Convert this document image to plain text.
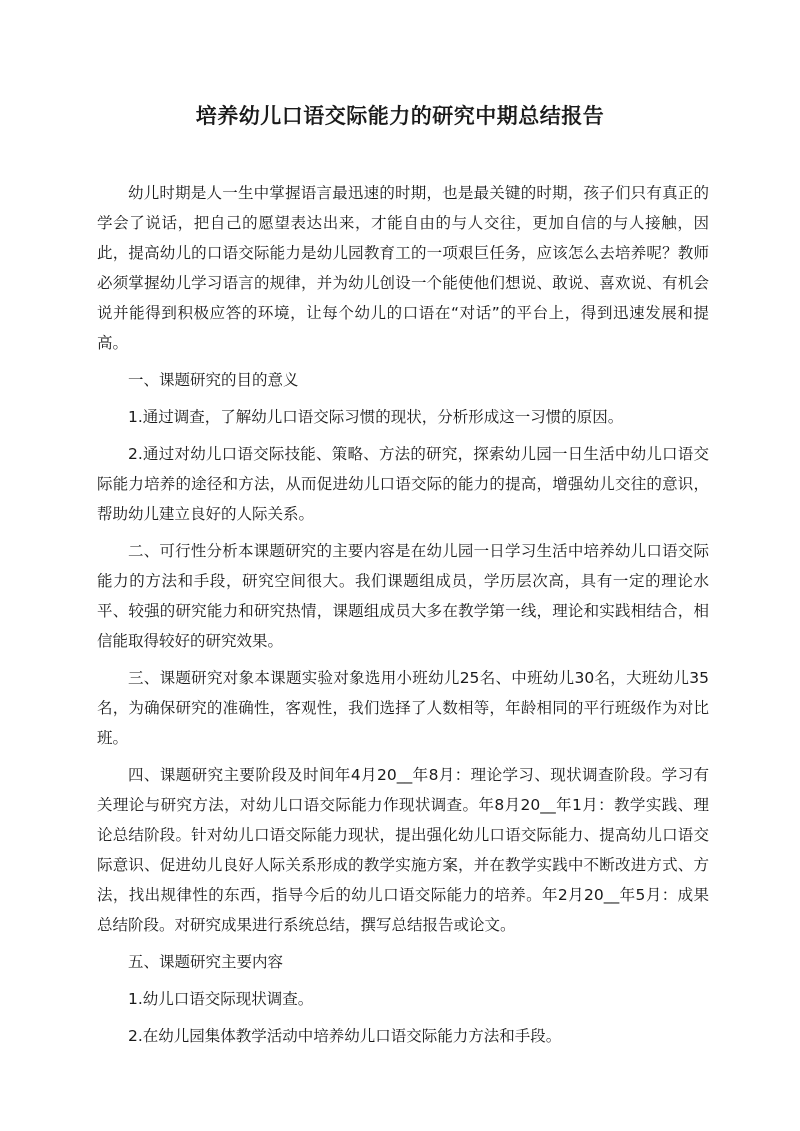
培养幼儿口语交际能力的研究中期总结报告

幼儿时期是人一生中掌握语言最迅速的时期，也是最关键的时期，孩子们只有真正的学会了说话，把自己的愿望表达出来，才能自由的与人交往，更加自信的与人接触，因此，提高幼儿的口语交际能力是幼儿园教育工的一项艰巨任务，应该怎么去培养呢？教师必须掌握幼儿学习语言的规律，并为幼儿创设一个能使他们想说、敢说、喜欢说、有机会说并能得到积极应答的环境，让每个幼儿的口语在“对话”的平台上，得到迅速发展和提高。

一、课题研究的目的意义

1.通过调查，了解幼儿口语交际习惯的现状，分析形成这一习惯的原因。

2.通过对幼儿口语交际技能、策略、方法的研究，探索幼儿园一日生活中幼儿口语交际能力培养的途径和方法，从而促进幼儿口语交际的能力的提高，增强幼儿交往的意识，帮助幼儿建立良好的人际关系。

二、可行性分析本课题研究的主要内容是在幼儿园一日学习生活中培养幼儿口语交际能力的方法和手段，研究空间很大。我们课题组成员，学历层次高，具有一定的理论水平、较强的研究能力和研究热情，课题组成员大多在教学第一线，理论和实践相结合，相信能取得较好的研究效果。

三、课题研究对象本课题实验对象选用小班幼儿25名、中班幼儿30名，大班幼儿35名，为确保研究的准确性，客观性，我们选择了人数相等，年龄相同的平行班级作为对比班。

四、课题研究主要阶段及时间年4月20__年8月：理论学习、现状调查阶段。学习有关理论与研究方法，对幼儿口语交际能力作现状调查。年8月20__年1月：教学实践、理论总结阶段。针对幼儿口语交际能力现状，提出强化幼儿口语交际能力、提高幼儿口语交际意识、促进幼儿良好人际关系形成的教学实施方案，并在教学实践中不断改进方式、方法，找出规律性的东西，指导今后的幼儿口语交际能力的培养。年2月20__年5月：成果总结阶段。对研究成果进行系统总结，撰写总结报告或论文。

五、课题研究主要内容

1.幼儿口语交际现状调查。

2.在幼儿园集体教学活动中培养幼儿口语交际能力方法和手段。
